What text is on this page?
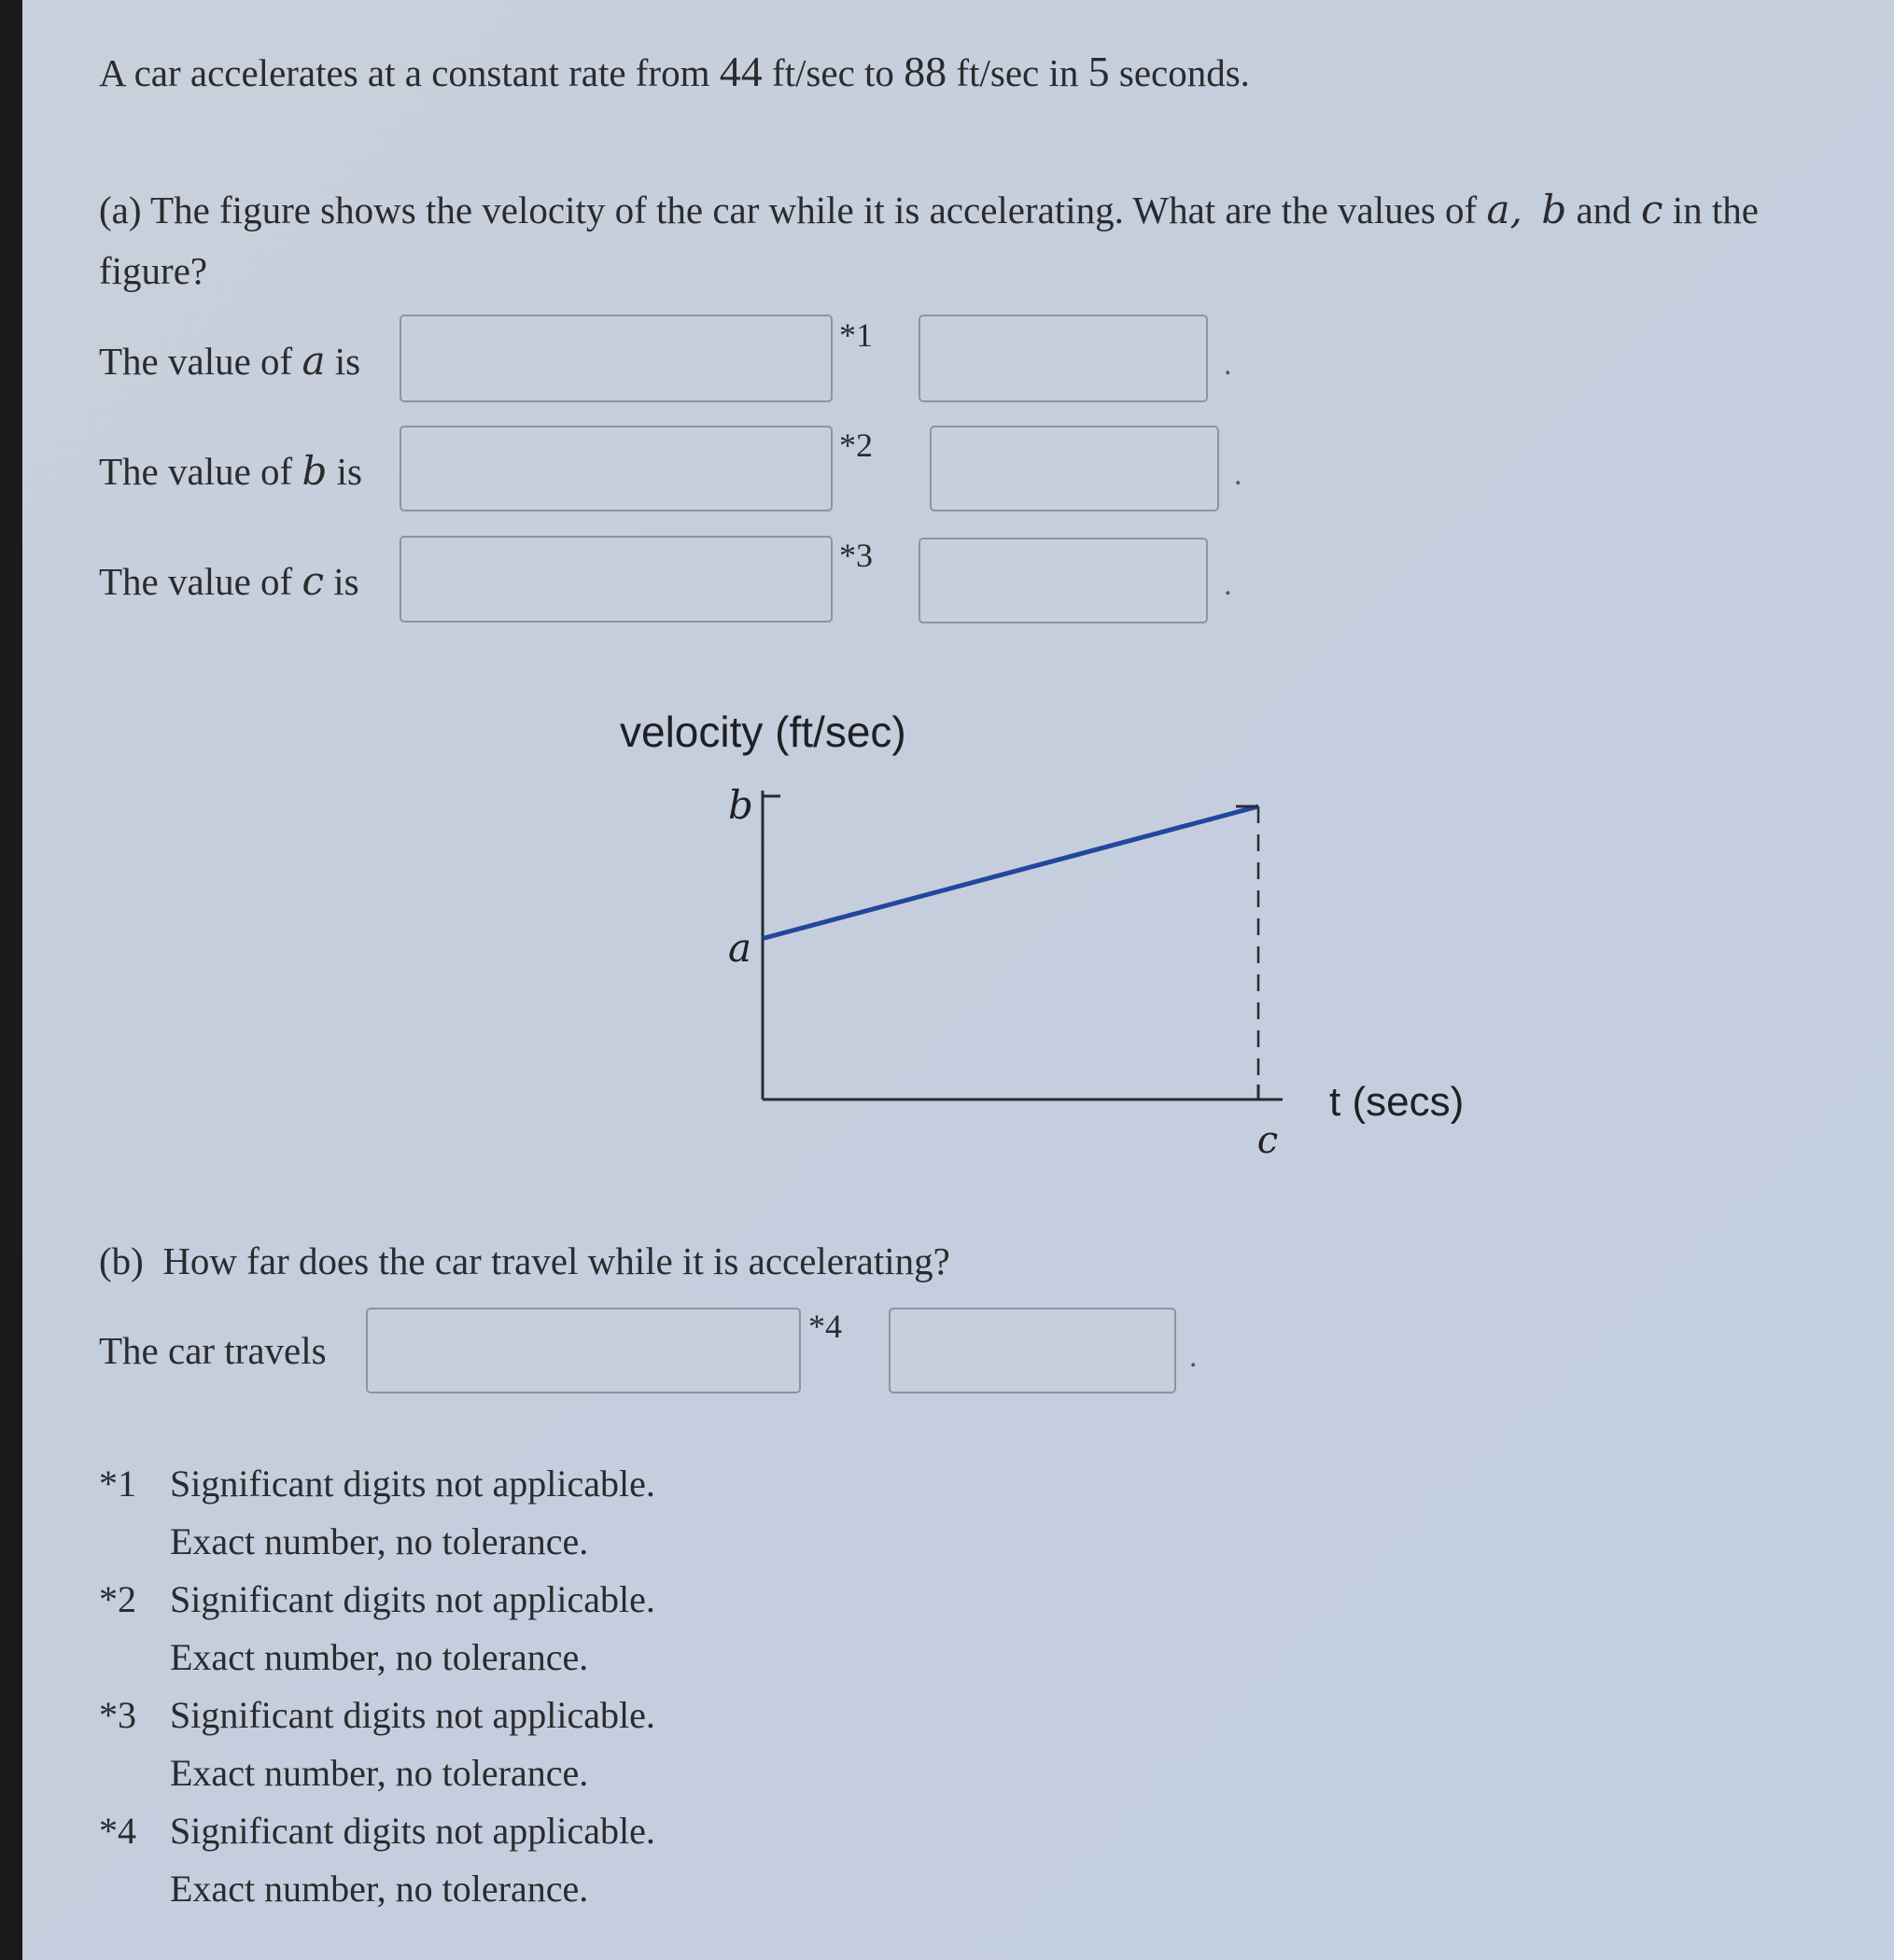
A car accelerates at a constant rate from 44 ft/sec to 88 ft/sec in 5 seconds.
(a) The figure shows the velocity of the car while it is accelerating. What are the values of a, b and c in the
figure?
The value of a is
*1
.
The value of b is
*2
.
The value of c is
*3
.
velocity (ft/sec)
b
a
c
t (secs)
(b) How far does the car travel while it is accelerating?
The car travels
*4
.
*1 Significant digits not applicable.
Exact number, no tolerance.
*2 Significant digits not applicable.
Exact number, no tolerance.
*3 Significant digits not applicable.
Exact number, no tolerance.
*4 Significant digits not applicable.
Exact number, no tolerance.
